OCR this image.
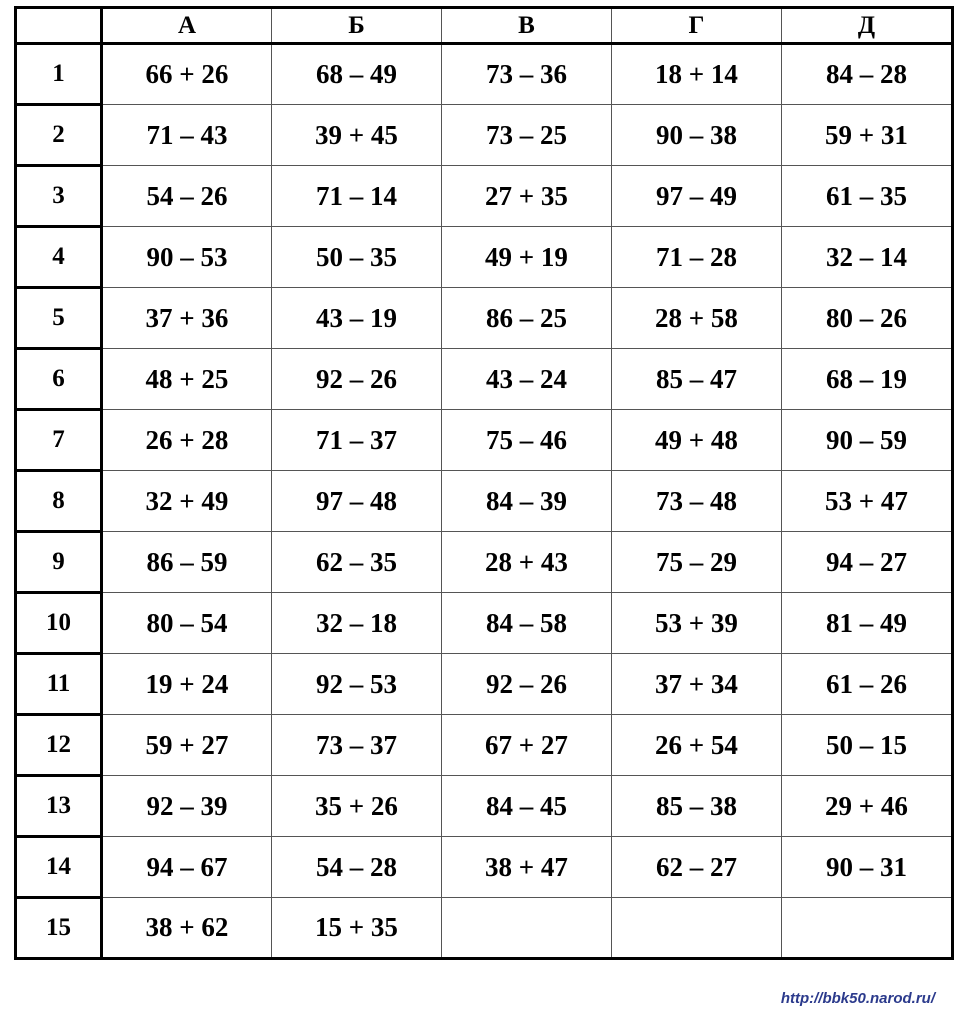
	А	Б	В	Г	Д
1	66 + 26	68 – 49	73 – 36	18 + 14	84 – 28
2	71 – 43	39 + 45	73 – 25	90 – 38	59 + 31
3	54 – 26	71 – 14	27 + 35	97 – 49	61 – 35
4	90 – 53	50 – 35	49 + 19	71 – 28	32 – 14
5	37 + 36	43 – 19	86 – 25	28 + 58	80 – 26
6	48 + 25	92 – 26	43 – 24	85 – 47	68 – 19
7	26 + 28	71 – 37	75 – 46	49 + 48	90 – 59
8	32 + 49	97 – 48	84 – 39	73 – 48	53 + 47
9	86 – 59	62 – 35	28 + 43	75 – 29	94 – 27
10	80 – 54	32 – 18	84 – 58	53 + 39	81 – 49
11	19 + 24	92 – 53	92 – 26	37 + 34	61 – 26
12	59 + 27	73 – 37	67 + 27	26 + 54	50 – 15
13	92 – 39	35 + 26	84 – 45	85 – 38	29 + 46
14	94 – 67	54 – 28	38 + 47	62 – 27	90 – 31
15	38 + 62	15 + 35			
http://bbk50.narod.ru/
